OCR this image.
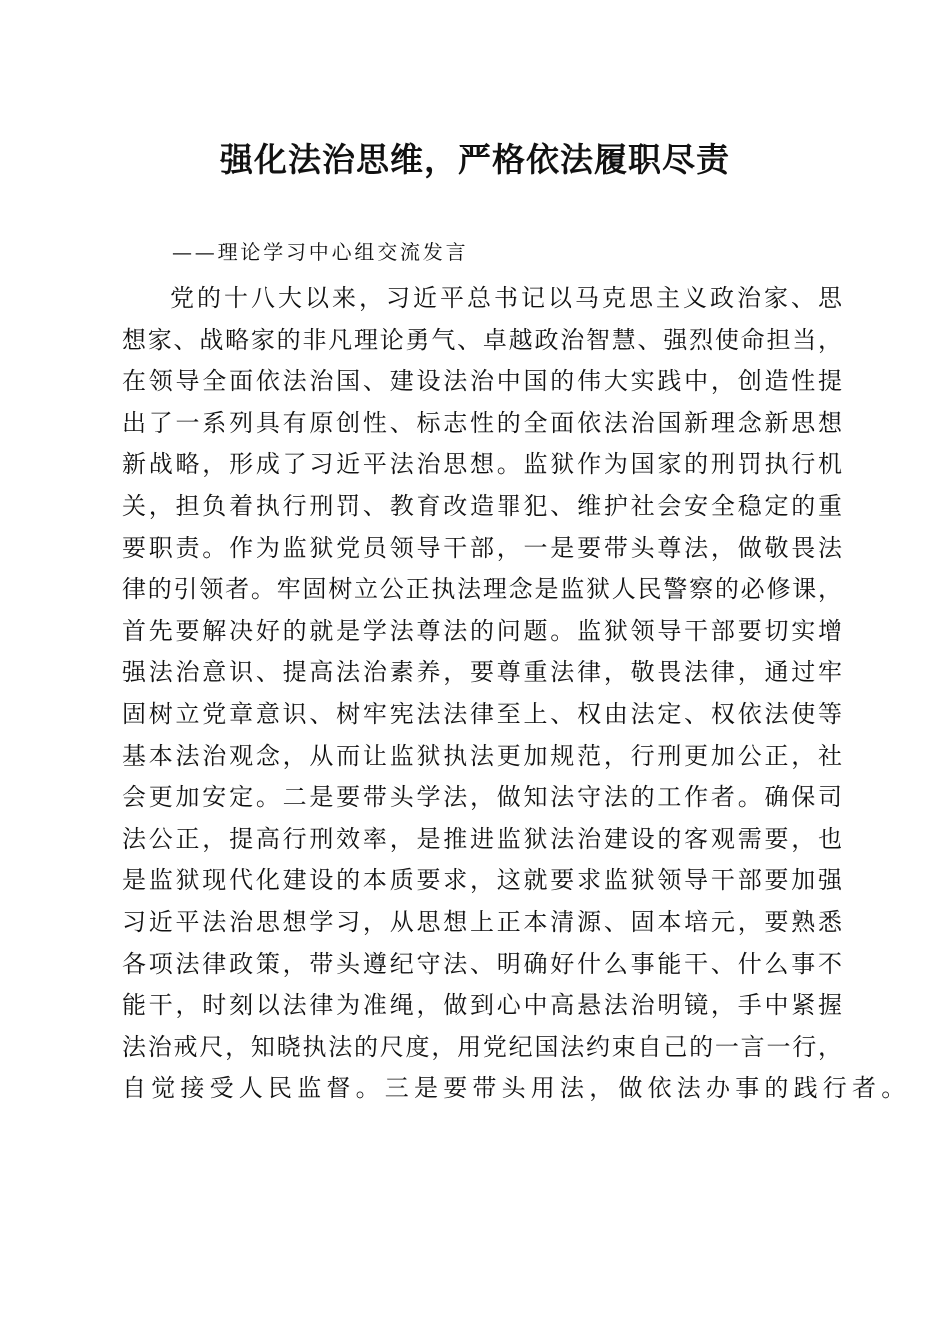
强化法治思维，严格依法履职尽责

——理论学习中心组交流发言

党的十八大以来，习近平总书记以马克思主义政治家、思
想家、战略家的非凡理论勇气、卓越政治智慧、强烈使命担当，
在领导全面依法治国、建设法治中国的伟大实践中，创造性提
出了一系列具有原创性、标志性的全面依法治国新理念新思想
新战略，形成了习近平法治思想。监狱作为国家的刑罚执行机
关，担负着执行刑罚、教育改造罪犯、维护社会安全稳定的重
要职责。作为监狱党员领导干部，一是要带头尊法，做敬畏法
律的引领者。牢固树立公正执法理念是监狱人民警察的必修课，
首先要解决好的就是学法尊法的问题。监狱领导干部要切实增
强法治意识、提高法治素养，要尊重法律，敬畏法律，通过牢
固树立党章意识、树牢宪法法律至上、权由法定、权依法使等
基本法治观念，从而让监狱执法更加规范，行刑更加公正，社
会更加安定。二是要带头学法，做知法守法的工作者。确保司
法公正，提高行刑效率，是推进监狱法治建设的客观需要，也
是监狱现代化建设的本质要求，这就要求监狱领导干部要加强
习近平法治思想学习，从思想上正本清源、固本培元，要熟悉
各项法律政策，带头遵纪守法、明确好什么事能干、什么事不
能干，时刻以法律为准绳，做到心中高悬法治明镜，手中紧握
法治戒尺，知晓执法的尺度，用党纪国法约束自己的一言一行，
自觉接受人民监督。三是要带头用法，做依法办事的践行者。
